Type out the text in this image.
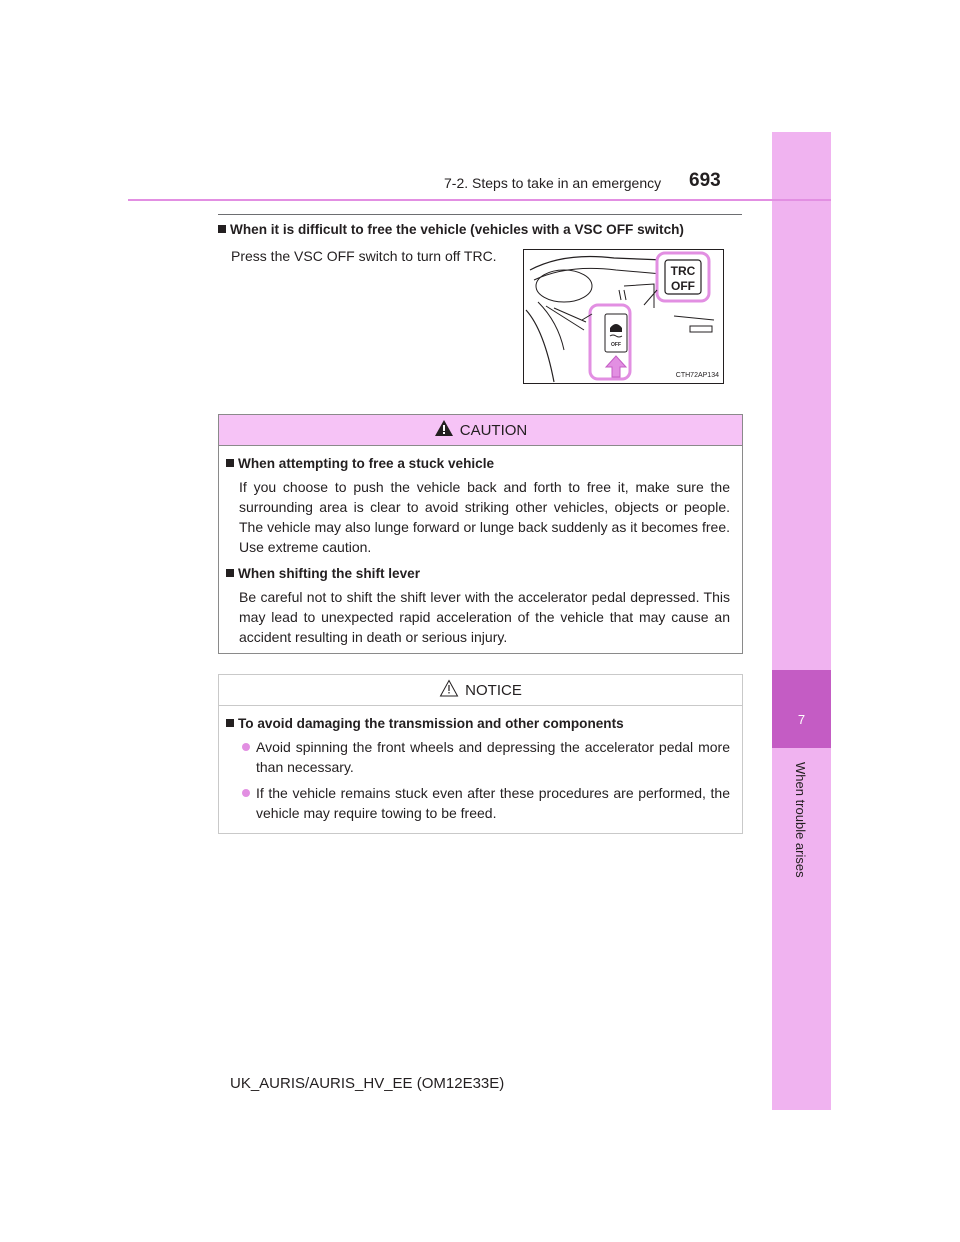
7
When trouble arises
7-2. Steps to take in an emergency 693
When it is difficult to free the vehicle (vehicles with a VSC OFF switch)
Press the VSC OFF switch to turn off TRC.
TRC
OFF
OFF
CTH72AP134
CAUTION
When attempting to free a stuck vehicle
If you choose to push the vehicle back and forth to free it, make sure the surrounding area is clear to avoid striking other vehicles, objects or people. The vehicle may also lunge forward or lunge back suddenly as it becomes free. Use extreme caution.
When shifting the shift lever
Be careful not to shift the shift lever with the accelerator pedal depressed. This may lead to unexpected rapid acceleration of the vehicle that may cause an accident resulting in death or serious injury.
NOTICE
To avoid damaging the transmission and other components
Avoid spinning the front wheels and depressing the accelerator pedal more than necessary.
If the vehicle remains stuck even after these procedures are performed, the vehicle may require towing to be freed.
UK_AURIS/AURIS_HV_EE (OM12E33E)
